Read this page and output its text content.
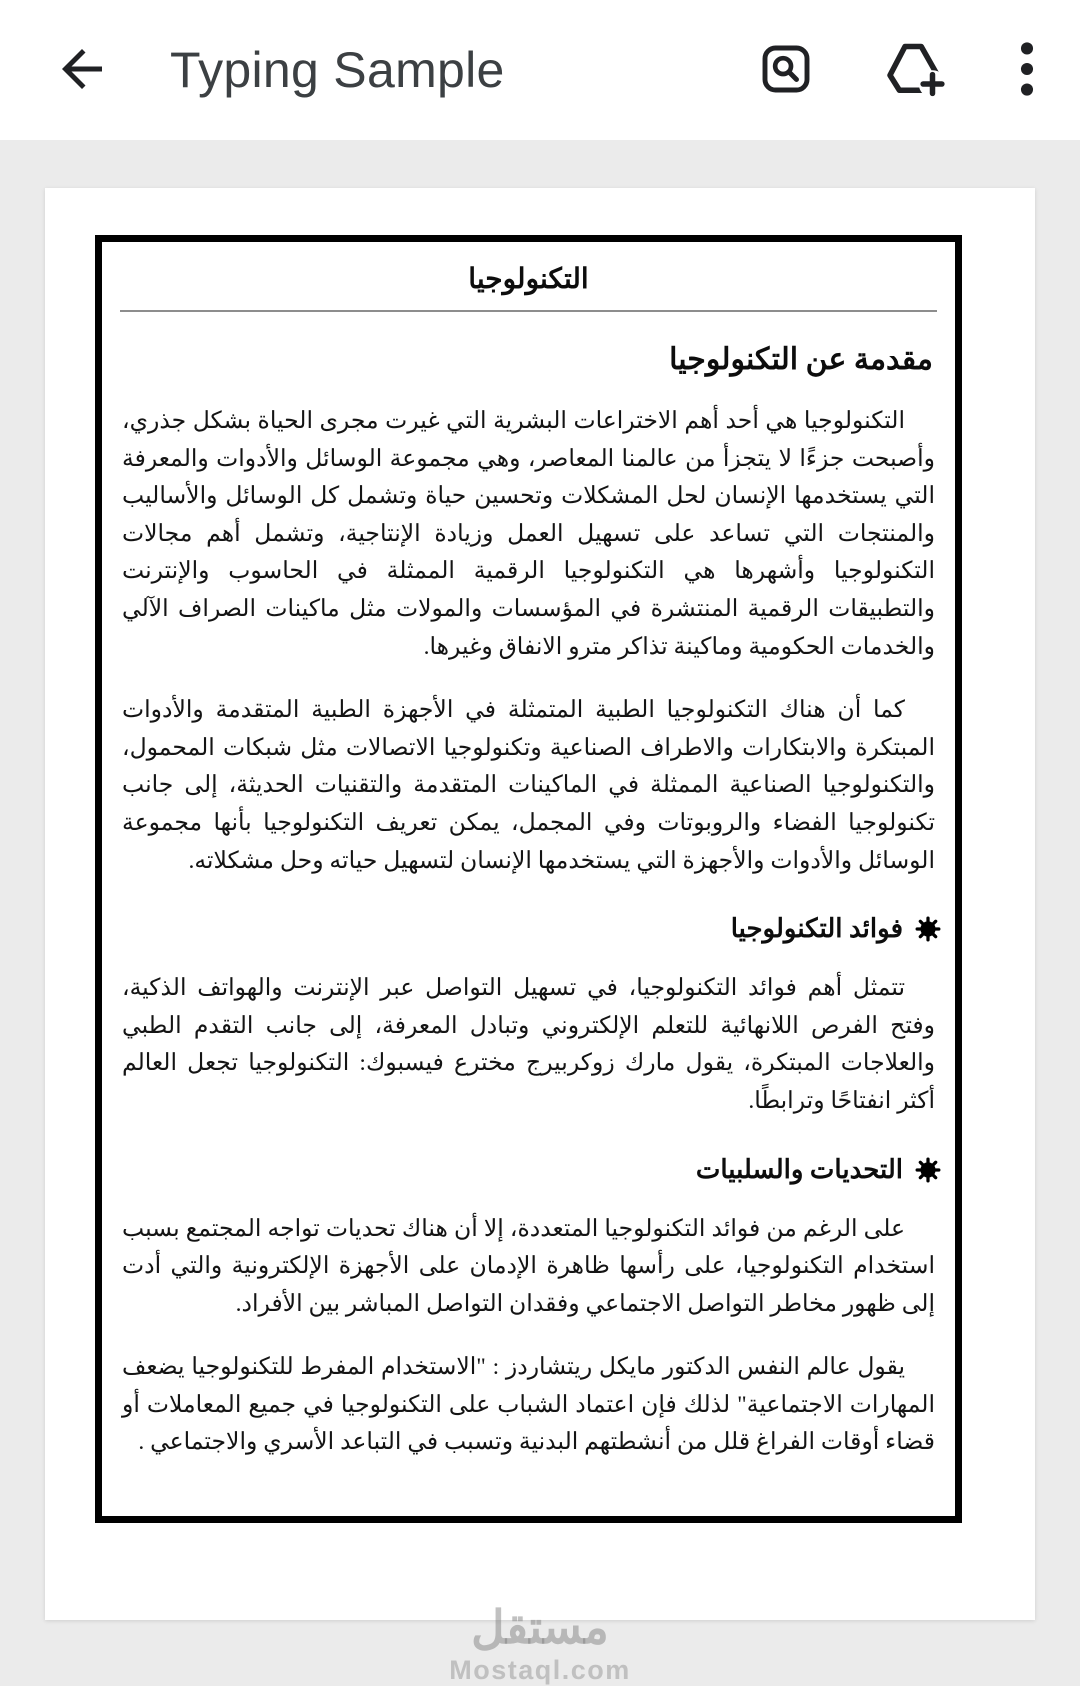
Typing Sample
التكنولوجيا
مقدمة عن التكنولوجيا

التكنولوجيا هي أحد أهم الاختراعات البشرية التي غيرت مجرى الحياة بشكل جذري، وأصبحت جزءًا لا يتجزأ من عالمنا المعاصر، وهي مجموعة الوسائل والأدوات والمعرفة التي يستخدمها الإنسان لحل المشكلات وتحسين حياة وتشمل كل الوسائل والأساليب والمنتجات التي تساعد على تسهيل العمل وزيادة الإنتاجية، وتشمل أهم مجالات التكنولوجيا وأشهرها هي التكنولوجيا الرقمية الممثلة في الحاسوب والإنترنت والتطبيقات الرقمية المنتشرة في المؤسسات والمولات مثل ماكينات الصراف الآلي والخدمات الحكومية وماكينة تذاكر مترو الانفاق وغيرها.

كما أن هناك التكنولوجيا الطبية المتمثلة في الأجهزة الطبية المتقدمة والأدوات المبتكرة والابتكارات والاطراف الصناعية وتكنولوجيا الاتصالات مثل شبكات المحمول، والتكنولوجيا الصناعية الممثلة في الماكينات المتقدمة والتقنيات الحديثة، إلى جانب تكنولوجيا الفضاء والروبوتات وفي المجمل، يمكن تعريف التكنولوجيا بأنها مجموعة الوسائل والأدوات والأجهزة التي يستخدمها الإنسان لتسهيل حياته وحل مشكلاته.

فوائد التكنولوجيا

تتمثل أهم فوائد التكنولوجيا، في تسهيل التواصل عبر الإنترنت والهواتف الذكية، وفتح الفرص اللانهائية للتعلم الإلكتروني وتبادل المعرفة، إلى جانب التقدم الطبي والعلاجات المبتكرة، يقول مارك زوكربيرج مخترع فيسبوك: التكنولوجيا تجعل العالم أكثر انفتاحًا وترابطًا.

التحديات والسلبيات

على الرغم من فوائد التكنولوجيا المتعددة، إلا أن هناك تحديات تواجه المجتمع بسبب استخدام التكنولوجيا، على رأسها ظاهرة الإدمان على الأجهزة الإلكترونية والتي أدت إلى ظهور مخاطر التواصل الاجتماعي وفقدان التواصل المباشر بين الأفراد.

يقول عالم النفس الدكتور مايكل ريتشاردز : "الاستخدام المفرط للتكنولوجيا يضعف المهارات الاجتماعية" لذلك فإن اعتماد الشباب على التكنولوجيا في جميع المعاملات أو قضاء أوقات الفراغ قلل من أنشطتهم البدنية وتسبب في التباعد الأسري والاجتماعي .

مستقل
Mostaql.com
